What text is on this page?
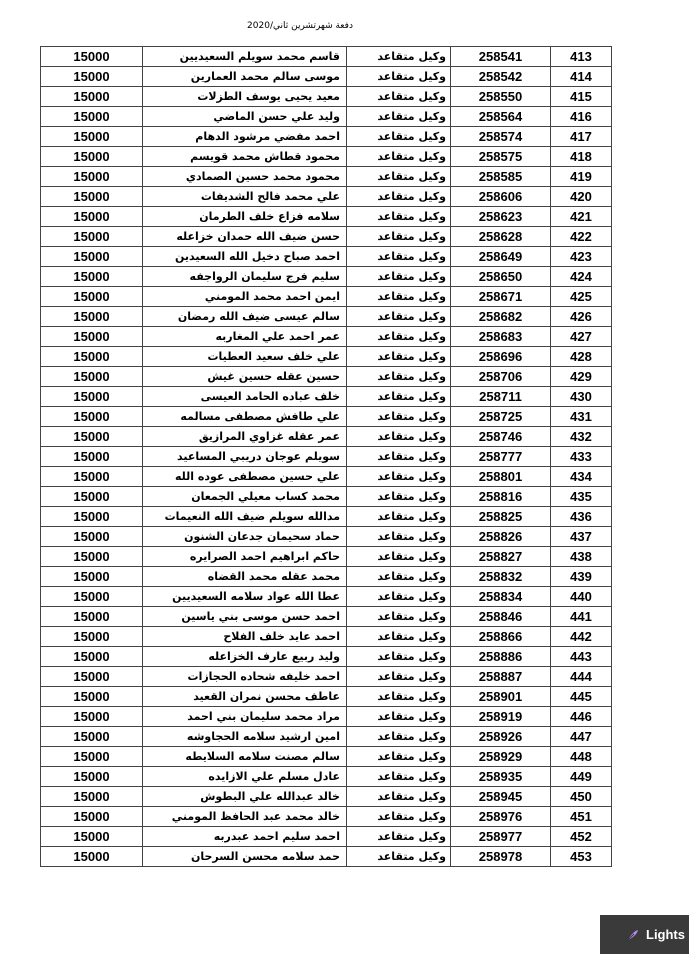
دفعة شهرتشرين ثاني/2020
15000	قاسم محمد سويلم السعيديين	وكيل متقاعد	258541	413
15000	موسى سالم محمد العمارين	وكيل متقاعد	258542	414
15000	معيد يحيى يوسف الطزلات	وكيل متقاعد	258550	415
15000	وليد علي حسن الماضي	وكيل متقاعد	258564	416
15000	احمد مفضي مرشود الدهام	وكيل متقاعد	258574	417
15000	محمود قطاش محمد قويسم	وكيل متقاعد	258575	418
15000	محمود محمد حسين الصمادي	وكيل متقاعد	258585	419
15000	علي محمد فالح الشديفات	وكيل متقاعد	258606	420
15000	سلامه فزاع خلف الطرمان	وكيل متقاعد	258623	421
15000	حسن ضيف الله حمدان خزاعله	وكيل متقاعد	258628	422
15000	احمد صباح دخيل الله السعيدين	وكيل متقاعد	258649	423
15000	سليم فرج سليمان الرواجفه	وكيل متقاعد	258650	424
15000	ايمن احمد محمد المومني	وكيل متقاعد	258671	425
15000	سالم عيسى ضيف الله رمضان	وكيل متقاعد	258682	426
15000	عمر احمد علي المغاربه	وكيل متقاعد	258683	427
15000	علي خلف سعيد العطيات	وكيل متقاعد	258696	428
15000	حسين عقله حسين غيش	وكيل متقاعد	258706	429
15000	خلف عباده الحامد العيسى	وكيل متقاعد	258711	430
15000	علي طافش مصطفى مسالمه	وكيل متقاعد	258725	431
15000	عمر عقله غزاوي المرازيق	وكيل متقاعد	258746	432
15000	سويلم عوجان دريبي المساعيد	وكيل متقاعد	258777	433
15000	علي حسين مصطفى عوده الله	وكيل متقاعد	258801	434
15000	محمد كساب معيلي الجمعان	وكيل متقاعد	258816	435
15000	مدالله سويلم ضيف الله النعيمات	وكيل متقاعد	258825	436
15000	حماد سحيمان جدعان الشنون	وكيل متقاعد	258826	437
15000	حاكم ابراهيم احمد الصرايره	وكيل متقاعد	258827	438
15000	محمد عقله محمد القضاه	وكيل متقاعد	258832	439
15000	عطا الله عواد سلامه السعيديين	وكيل متقاعد	258834	440
15000	احمد حسن موسى بني ياسين	وكيل متقاعد	258846	441
15000	احمد عايد خلف الفلاح	وكيل متقاعد	258866	442
15000	وليد ربيع عارف الخزاعله	وكيل متقاعد	258886	443
15000	احمد خليفه شحاده الحجازات	وكيل متقاعد	258887	444
15000	عاطف محسن نمران القعيد	وكيل متقاعد	258901	445
15000	مراد محمد سليمان بني احمد	وكيل متقاعد	258919	446
15000	امين ارشيد سلامه الحجاوشه	وكيل متقاعد	258926	447
15000	سالم مصنت سلامه السلايطه	وكيل متقاعد	258929	448
15000	عادل مسلم علي الازايده	وكيل متقاعد	258935	449
15000	خالد عبدالله علي البطوش	وكيل متقاعد	258945	450
15000	خالد محمد عبد الحافظ المومني	وكيل متقاعد	258976	451
15000	احمد سليم احمد عبدربه	وكيل متقاعد	258977	452
15000	حمد سلامه محسن السرحان	وكيل متقاعد	258978	453
Lights
